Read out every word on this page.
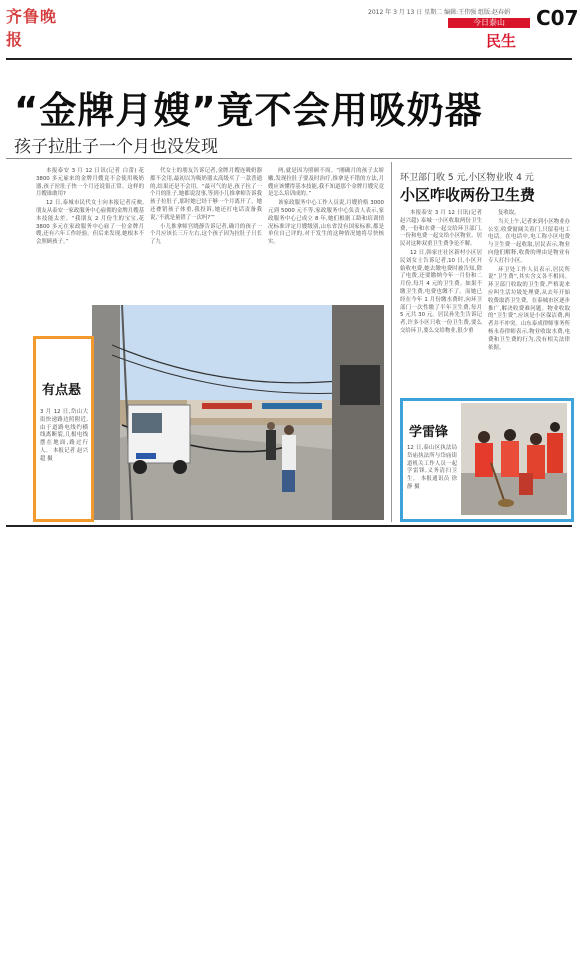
齐鲁晚报
2012 年 3 月 13 日 星期二 编辑:王伟强 组版:赵春娟
今日泰山
民生
C07
“金牌月嫂”竟不会用吸奶器
孩子拉肚子一个月也没发现

本报泰安 3 月 12 日讯(记者 白蕾) 花 3800 多元雇来的金牌月嫂竟不会使用吸奶器,孩子拉肚子快一个月还说很正常。这样的月嫂谁敢用?

12 日,泰城市民代女士向本报记者反映,朋友从泰安一家政服务中心雇佣的金牌月嫂基本技能太差。“我朋友 2 月份生的宝宝,花 3800 多元在家政服务中心雇了一位金牌月嫂,还有六年工作经验。但后来发现,她根本不会照顾孩子。”

代女士的朋友告诉记者,金牌月嫂连吸奶器都不会用,最初以为吸奶器太高级买了一款普通的,结果还是不会用。“最可气的是,孩子拉了一个月的肚子,她都说没事,等到小儿推拿师告诉我孩子拉肚子,那时她已经干够一个月离开了。她还叠错孩子体重,我投诉,她还打电话责备我说,‘不就是量错了一次吗?’”

小儿推拿师宫晓静告诉记者,确月的孩子一个月应该长三斤左右,这个孩子因为拉肚子只长了九

两,就是因为照顾不周。“刚确月的孩子太娇嫩,发现拉肚子要及时治疗,推拿是不错的方法,月嫂应该懂得基本技能,我不知道那个金牌月嫂究竟是怎么培训成的。”

该家政服务中心工作人员说,月嫂价格 3000 元到 5000 元不等,家政服务中心负责人表示,家政服务中心已成立 8 年,她们根据工龄和培训情况标准评定月嫂级别,山东省没有国家标准,都是单位自己评的,对于发生的这种情况她将尽快核实。

有点悬
3 月 12 日,岱山大街快递路边照附近,由于道路电线约横线离断裂,几根电线摆在地面,路过行人。 本报记者 赵兴超 摄
环卫部门收 5 元,小区物业收 4 元
小区咋收两份卫生费

本报泰安 3 月 12 日讯(记者 赵兴超) 泰城一小区收取两份卫生费,一份和水费一起交给环卫部门,一份和电费一起交给小区物业。居民对这种双重卫生费争论不解。

12 日,韩家庄社区新村小区居民刘女士告诉记者,10 日,小区开始收电费,她去缴电费时被告知,除了电费,还要缴纳今年一月份和二月份,每月 4 元的卫生费。如果不缴卫生费,电费也缴不了。而她已经在今年 1 月份缴水费时,向环卫部门一次性缴了半年卫生费,每月 5 元共 30 元。居民孙先生告诉记者,许多小区只收一份卫生费,要么交给环卫,要么交给物业,很少重

复收取。

当天上午,记者来到小区物业办公室,收费窗阔关着门,只留着电工电话。在电话中,电工称小区电费与卫生费一起收取,居民表示,物业向他们解释,收费的理由是物业有专人打扫小区。

环卫处工作人员表示,居民所说“卫生费”,其实含义各不相同。环卫部门收取的卫生费,严格说来应叫生活垃圾处理费,从去年开始收费取消卫生费。在泰城市区逐步推广,解决收费难问题。物业收取的“卫生费”,应该是小区保洁费,两者并不冲突。山东泰成律师事务所杨永春律师表示,物业收取水费,电费和卫生费的行为,没有相关法律依据。

学雷锋
12 日,泰山区执法局岱庙执法所与岱庙街道机关工作人员一起学雷锋,义务清扫卫生。 本报通讯员 徐静 摄
